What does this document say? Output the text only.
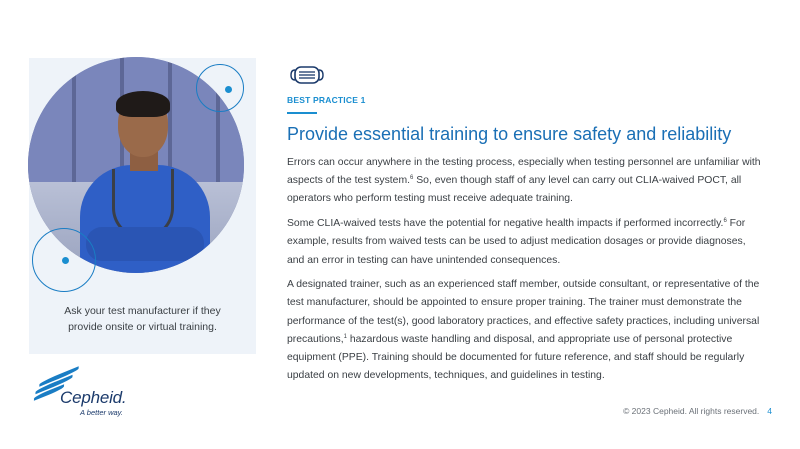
Ask your test manufacturer if they
provide onsite or virtual training.
Cepheid.
A better way.
BEST PRACTICE 1
Provide essential training to ensure safety and reliability

Errors can occur anywhere in the testing process, especially when testing personnel are unfamiliar with aspects of the test system.$^6$ So, even though staff of any level can carry out CLIA-waived POCT, all operators who perform testing must receive adequate training.

Some CLIA-waived tests have the potential for negative health impacts if performed incorrectly.$^6$ For example, results from waived tests can be used to adjust medication dosages or provide diagnoses, and an error in testing can have unintended consequences.

A designated trainer, such as an experienced staff member, outside consultant, or representative of the test manufacturer, should be appointed to ensure proper training. The trainer must demonstrate the performance of the test(s), good laboratory practices, and effective safety practices, including universal precautions,$^1$ hazardous waste handling and disposal, and appropriate use of personal protective equipment (PPE). Training should be documented for future reference, and staff should be regularly updated on new developments, techniques, and guidelines in testing.

© 2023 Cepheid. All rights reserved. 4
